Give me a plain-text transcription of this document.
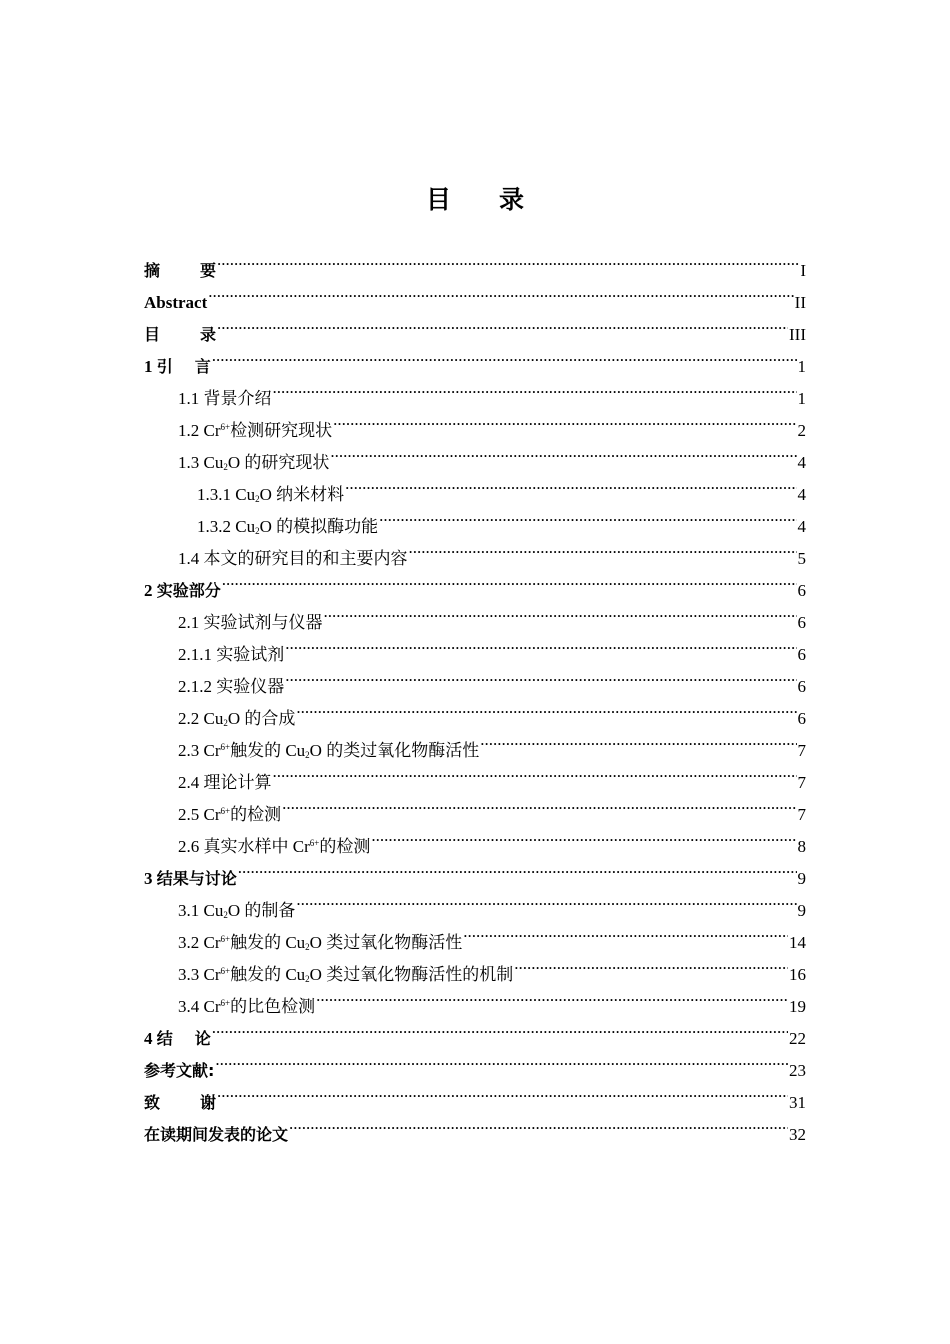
目 录
摘	要 .....	I
Abstract .....	II
目	录 .....	III
1 引 言 .....	1
1.1 背景介绍 .....	1
1.2 $Cr^{6+}$检测研究现状 .....	2
1.3 $Cu_2O$ 的研究现状 .....	4
1.3.1 $Cu_2O$ 纳米材料 .....	4
1.3.2 $Cu_2O$ 的模拟酶功能 .....	4
1.4 本文的研究目的和主要内容 .....	5
2 实验部分 .....	6
2.1 实验试剂与仪器 .....	6
2.1.1 实验试剂 .....	6
2.1.2 实验仪器 .....	6
2.2 $Cu_2O$ 的合成 .....	6
2.3 $Cr^{6+}$触发的 $Cu_2O$ 的类过氧化物酶活性 .....	7
2.4 理论计算 .....	7
2.5 $Cr^{6+}$的检测 .....	7
2.6 真实水样中 $Cr^{6+}$的检测 .....	8
3 结果与讨论 .....	9
3.1 $Cu_2O$ 的制备 .....	9
3.2 $Cr^{6+}$触发的 $Cu_2O$ 类过氧化物酶活性 .....	14
3.3 $Cr^{6+}$触发的 $Cu_2O$ 类过氧化物酶活性的机制 .....	16
3.4 $Cr^{6+}$的比色检测 .....	19
4 结 论 .....	22
参考文献: .....	23
致	谢 .....	31
在读期间发表的论文 .....	32
